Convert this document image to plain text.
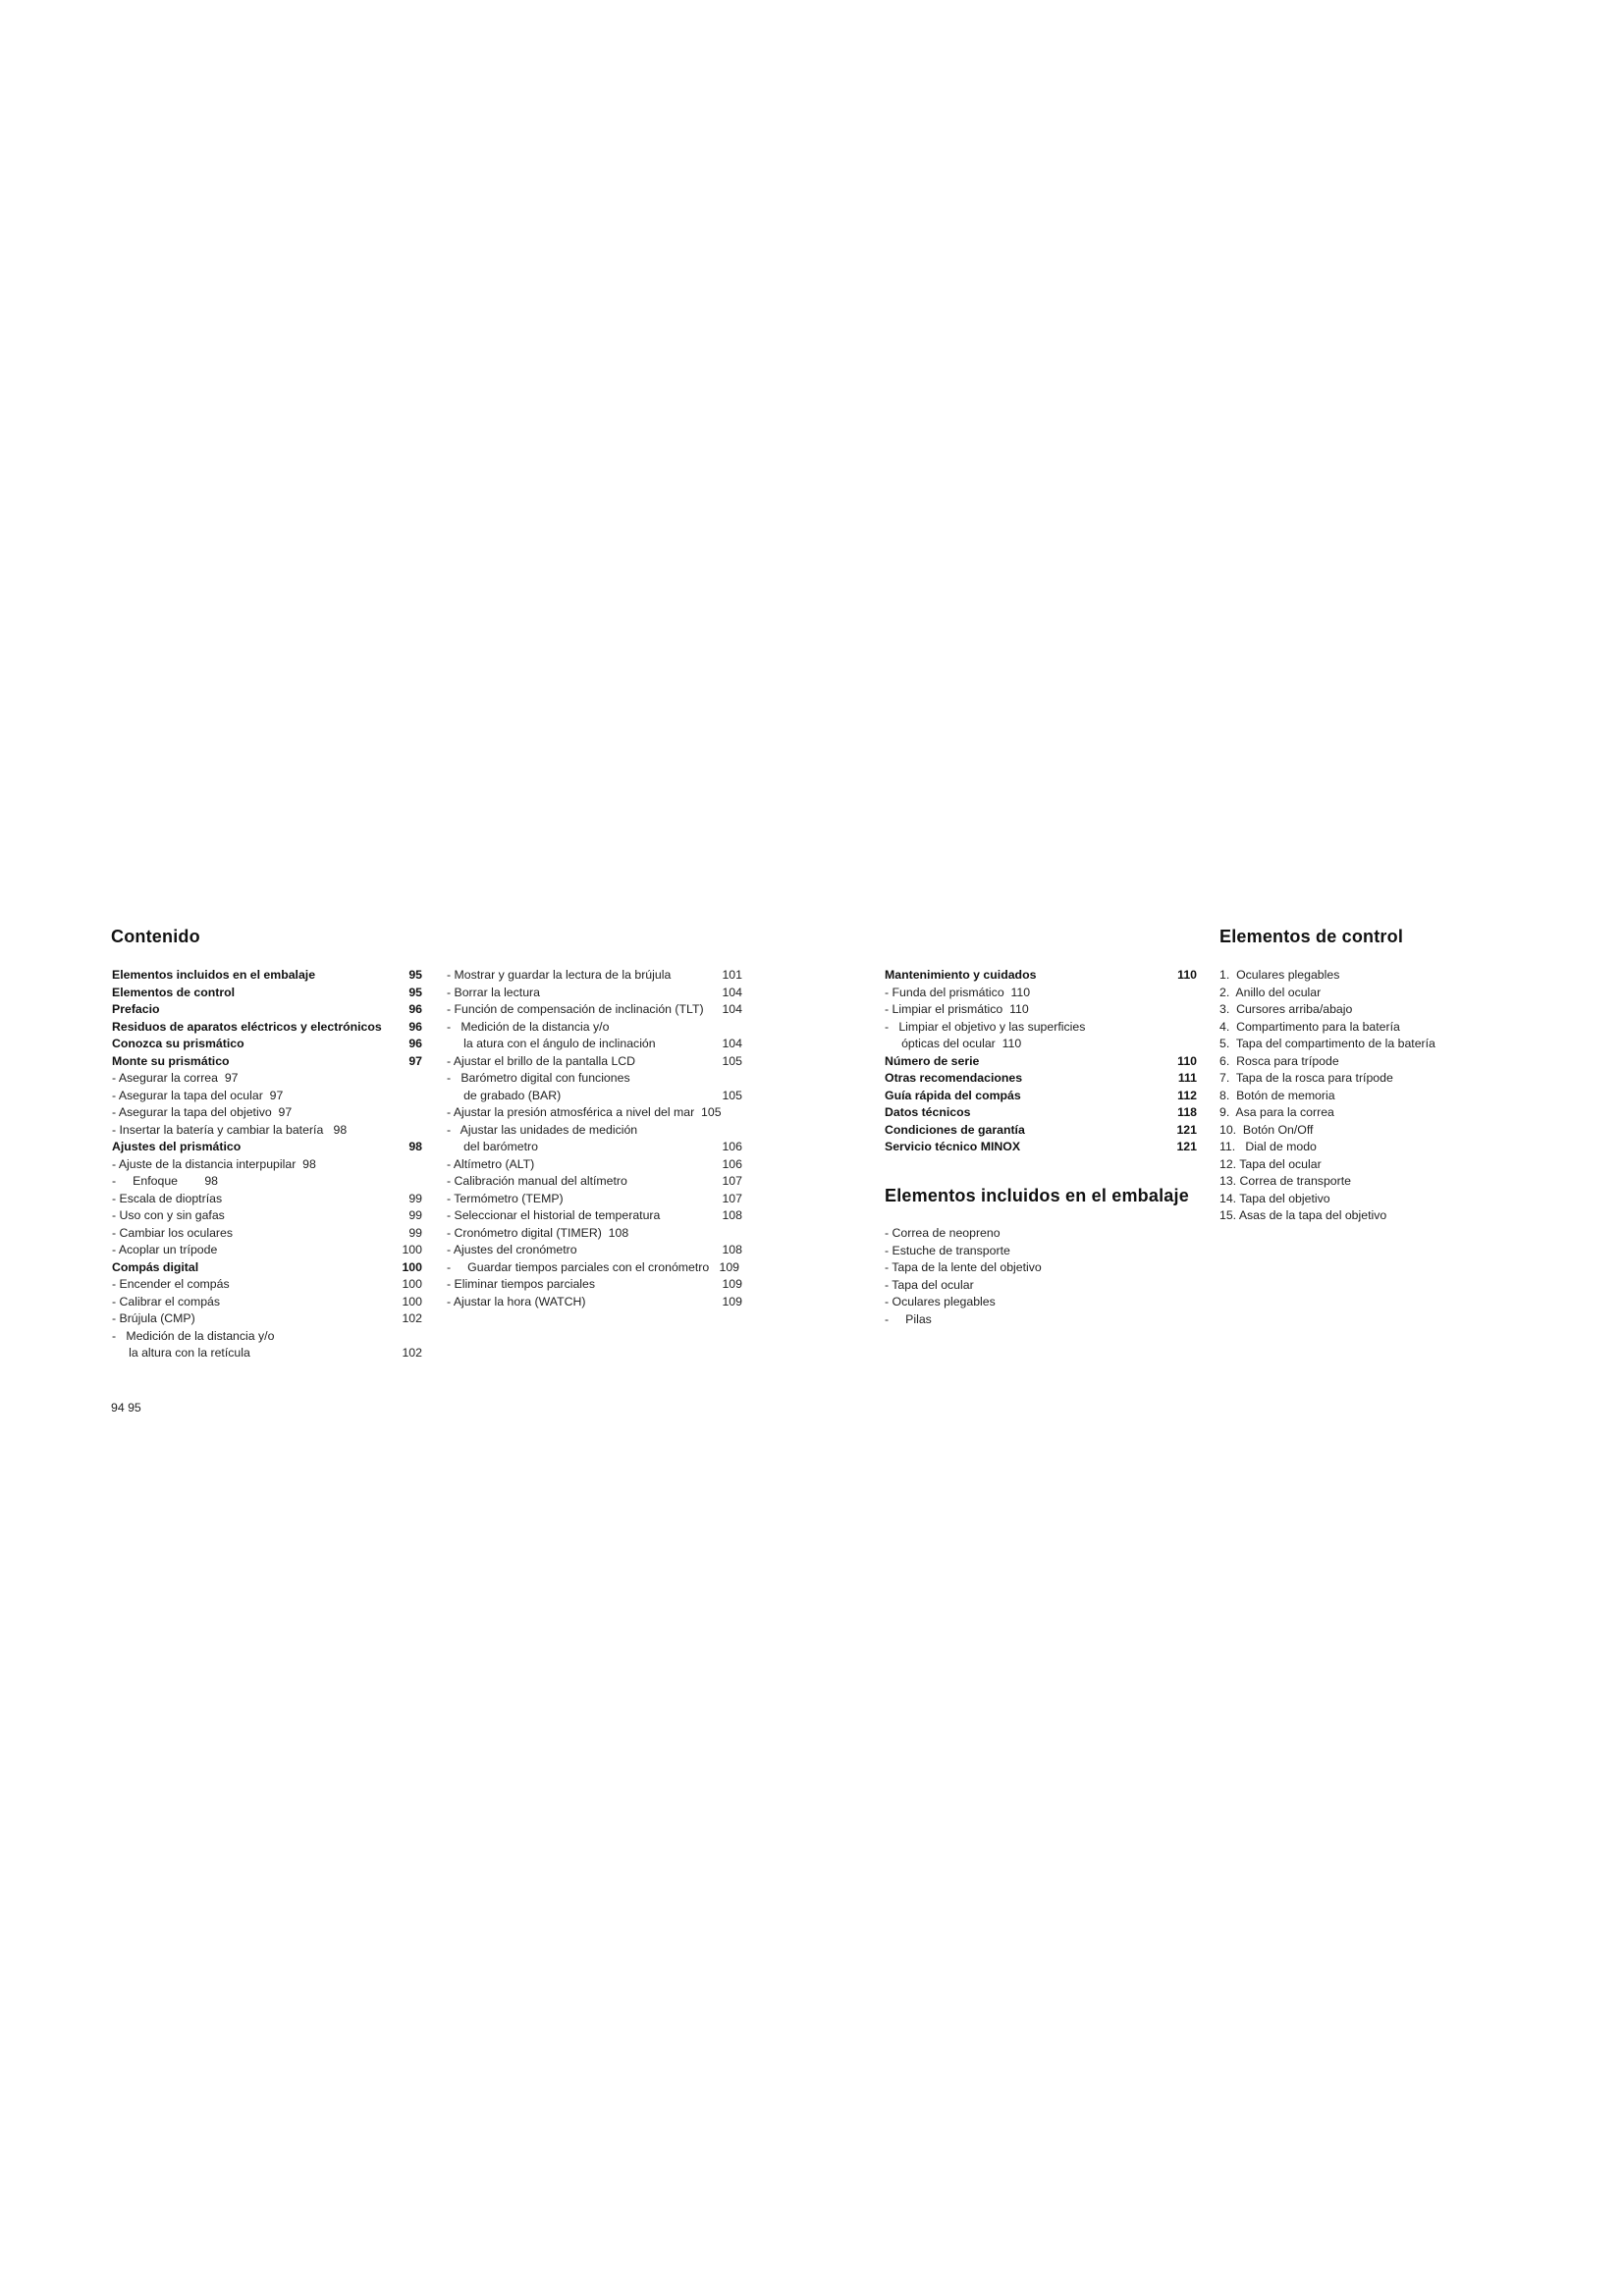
Contenido
Elementos incluidos en el embalaje	95
Elementos de control	95
Prefacio	96
Residuos de aparatos eléctricos y electrónicos 96
Conozca su prismático	96
Monte su prismático	97
- Asegurar la correa  97
- Asegurar la tapa del ocular  97
- Asegurar la tapa del objetivo  97
- Insertar la batería y cambiar la batería   98
Ajustes del prismático	98
- Ajuste de la distancia interpupilar  98
-     Enfoque        98
- Escala de dioptrías	99
- Uso con y sin gafas	99
- Cambiar los oculares	99
- Acoplar un trípode	100
Compás digital	100
- Encender el compás	100
- Calibrar el compás	100
- Brújula (CMP)	102
-   Medición de la distancia y/o
la altura con la retícula	102
- Mostrar y guardar la lectura de la brújula	101
- Borrar la lectura	104
- Función de compensación de inclinación (TLT) 104
-   Medición de la distancia y/o
la atura con el ángulo de inclinación	104
- Ajustar el brillo de la pantalla LCD	105
-   Barómetro digital con funciones
de grabado (BAR)	105
- Ajustar la presión atmosférica a nivel del mar  105
-   Ajustar las unidades de medición
del barómetro	106
- Altímetro (ALT)	106
- Calibración manual del altímetro	107
- Termómetro (TEMP)	107
- Seleccionar el historial de temperatura	108
- Cronómetro digital (TIMER)  108
- Ajustes del cronómetro	108
-     Guardar tiempos parciales con el cronómetro   109
- Eliminar tiempos parciales	109
- Ajustar la hora (WATCH)	109
Mantenimiento y cuidados	110
- Funda del prismático  110
- Limpiar el prismático  110
-   Limpiar el objetivo y las superficies
ópticas del ocular  110
Número de serie	110
Otras recomendaciones	111
Guía rápida del compás	112
Datos técnicos	118
Condiciones de garantía	121
Servicio técnico MINOX	121
Elementos incluidos en el embalaje
- Correa de neopreno
- Estuche de transporte
- Tapa de la lente del objetivo
- Tapa del ocular
- Oculares plegables
-     Pilas
Elementos de control
1.  Oculares plegables
2.  Anillo del ocular
3.  Cursores arriba/abajo
4.  Compartimento para la batería
5.  Tapa del compartimento de la batería
6.  Rosca para trípode
7.  Tapa de la rosca para trípode
8.  Botón de memoria
9.  Asa para la correa
10.  Botón On/Off
11.   Dial de modo
12. Tapa del ocular
13. Correa de transporte
14. Tapa del objetivo
15. Asas de la tapa del objetivo
94 95
